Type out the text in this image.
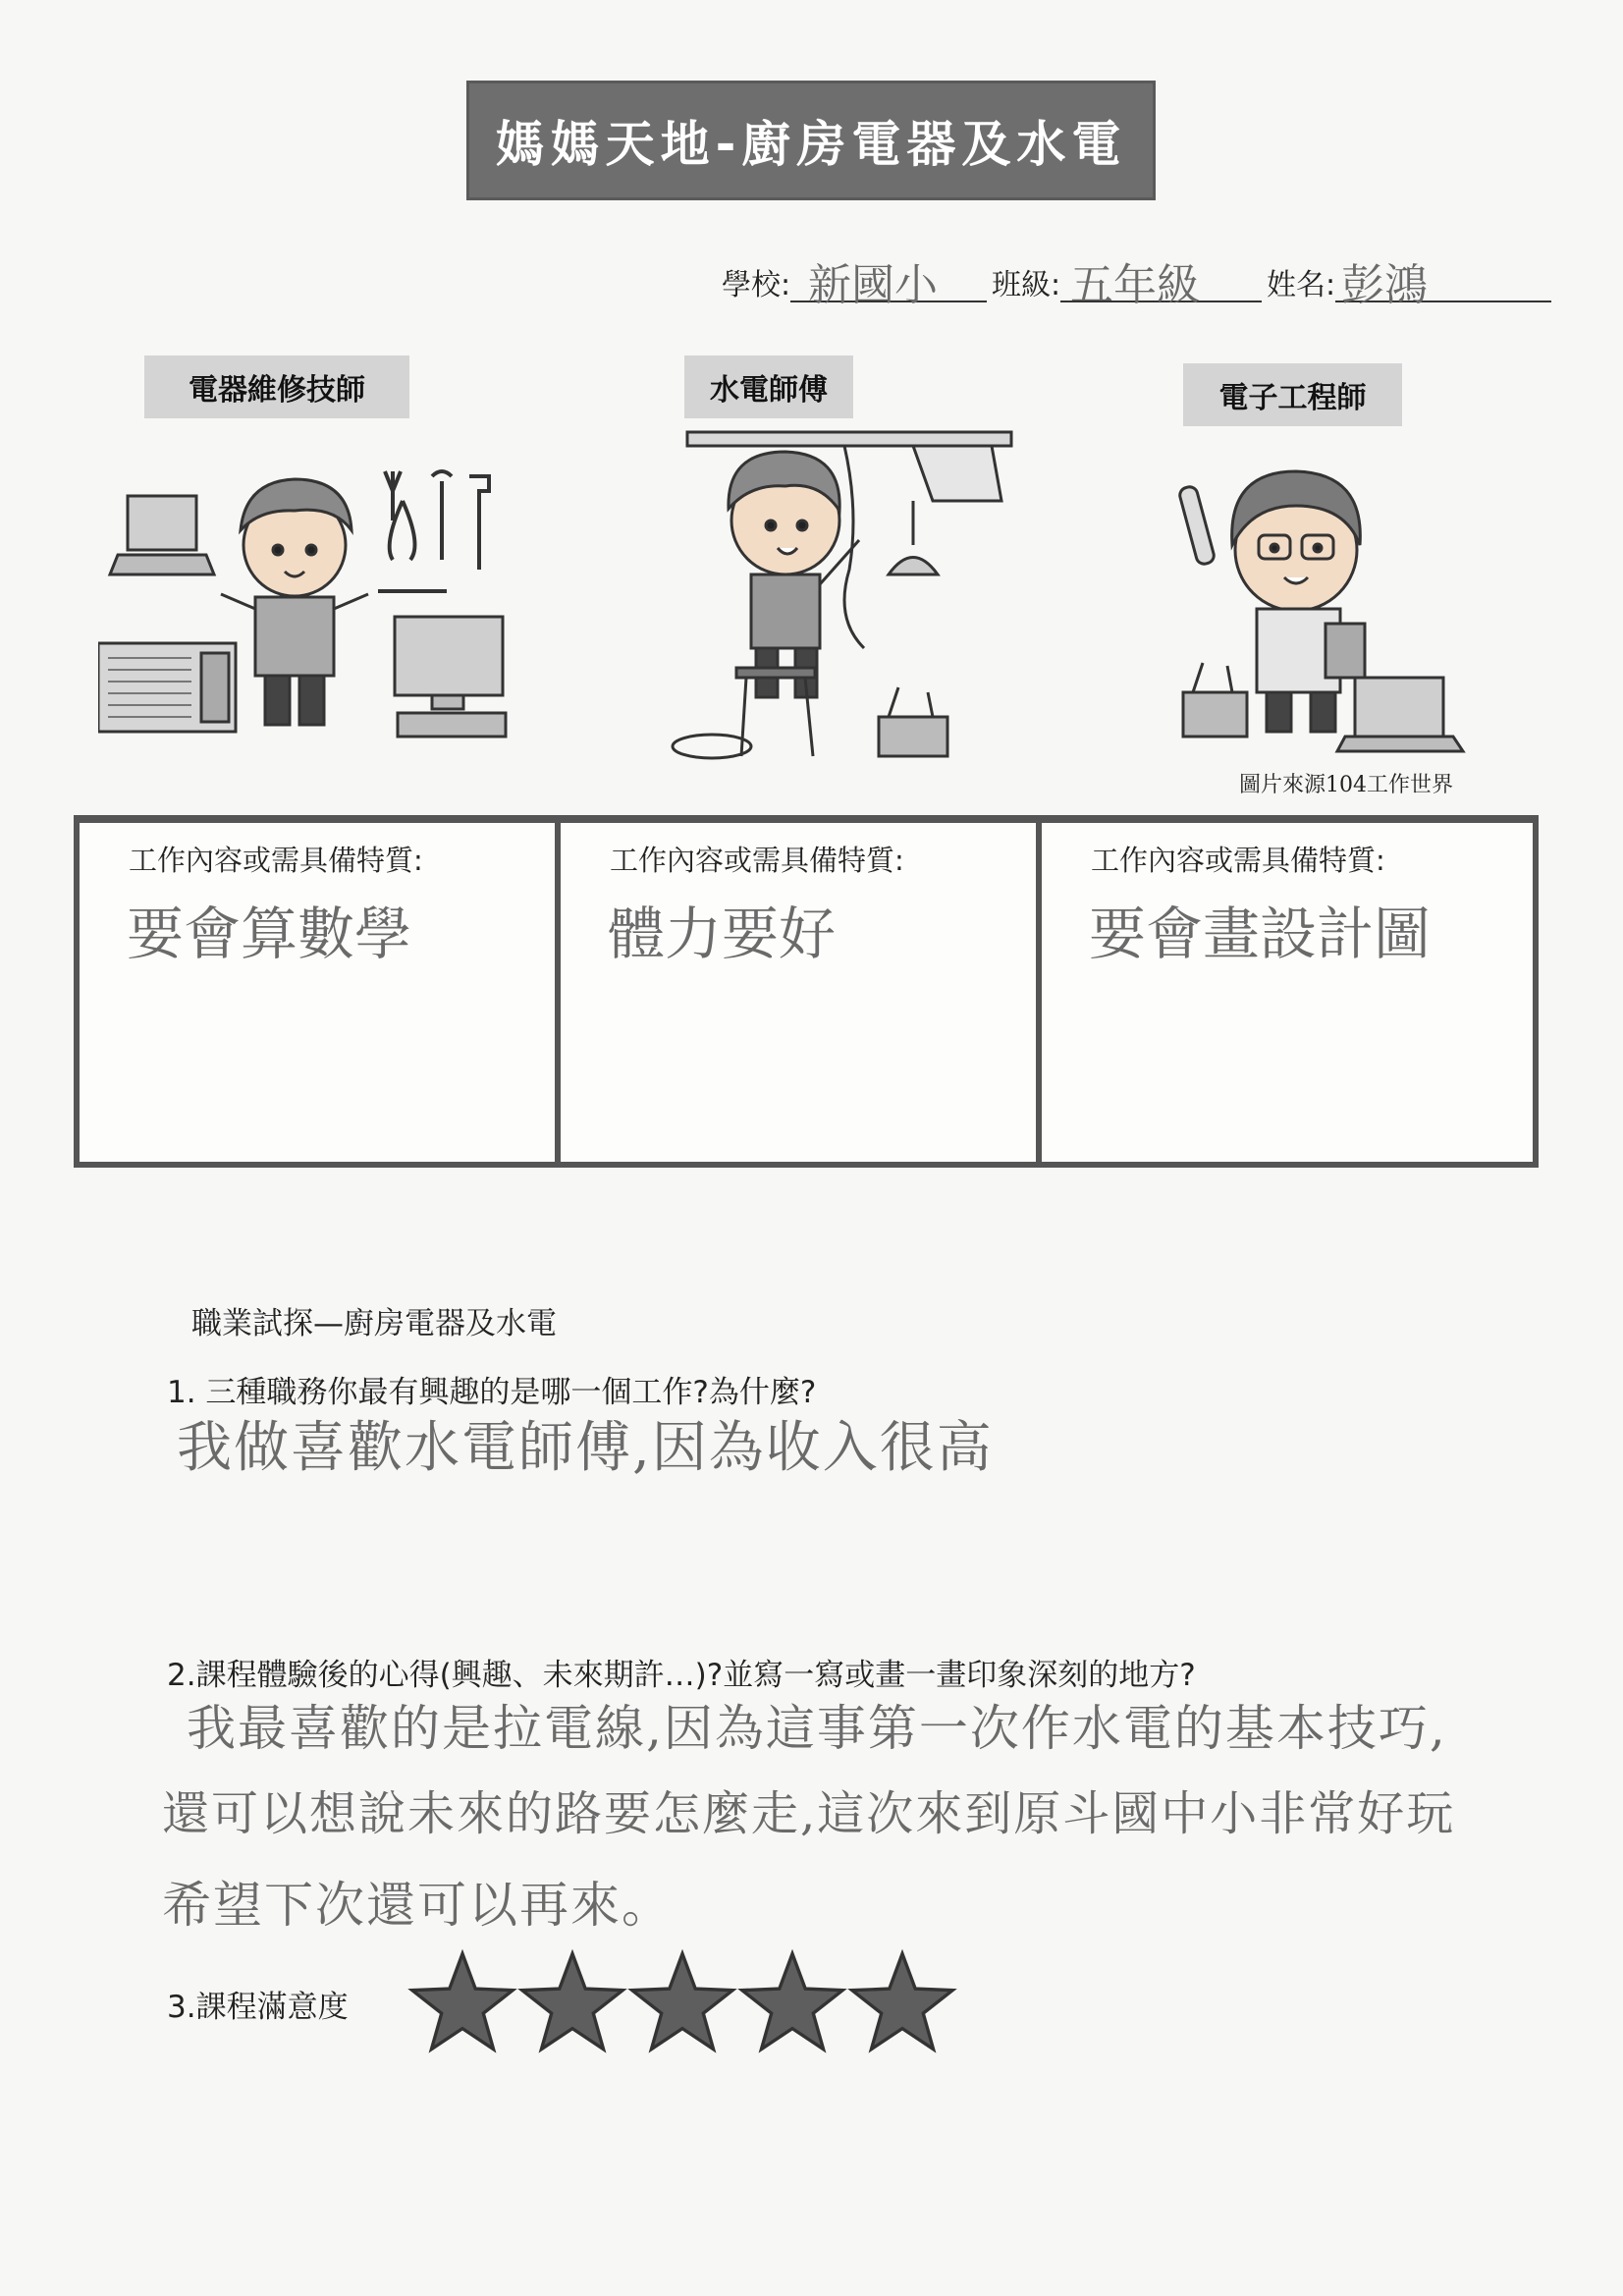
媽媽天地-廚房電器及水電
學校: 新國小 班級: 五年級 姓名: 彭鴻
電器維修技師	水電師傅	電子工程師
圖片來源104工作世界
工作內容或需具備特質:
要會算數學
工作內容或需具備特質:
體力要好
工作內容或需具備特質:
要會畫設計圖
職業試探—廚房電器及水電
1. 三種職務你最有興趣的是哪一個工作?為什麼?
我做喜歡水電師傅,因為收入很高
2.課程體驗後的心得(興趣、未來期許…)?並寫一寫或畫一畫印象深刻的地方?
我最喜歡的是拉電線,因為這事第一次作水電的基本技巧,
還可以想說未來的路要怎麼走,這次來到原斗國中小非常好玩
希望下次還可以再來。
3.課程滿意度
